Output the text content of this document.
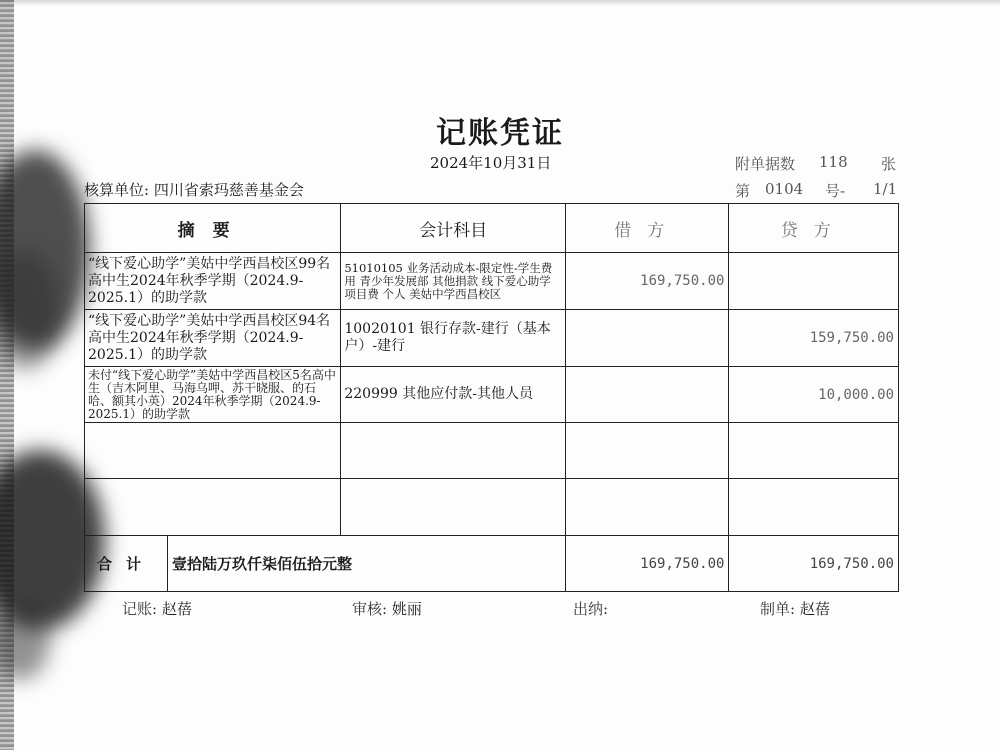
记账凭证
2024年10月31日	附单据数 118 张
核算单位: 四川省索玛慈善基金会	第 0104 号- 1/1
摘要	会计科目	借方	贷方
“线下爱心助学”美姑中学西昌校区99名高中生2024年秋季学期（2024.9-2025.1）的助学款	51010105 业务活动成本-限定性-学生费用 青少年发展部 其他捐款 线下爱心助学 项目费 个人 美姑中学西昌校区	169,750.00	
“线下爱心助学”美姑中学西昌校区94名高中生2024年秋季学期（2024.9-2025.1）的助学款	10020101 银行存款-建行（基本户）-建行		159,750.00
未付“线下爱心助学”美姑中学西昌校区5名高中生（吉木阿里、马海乌呷、苏干晓服、的石哈、额其小英）2024年秋季学期（2024.9-2025.1）的助学款	220999 其他应付款-其他人员		10,000.00

合计 壹拾陆万玖仟柒佰伍拾元整		169,750.00	169,750.00
记账: 赵蓓	审核: 姚丽	出纳:	制单: 赵蓓
